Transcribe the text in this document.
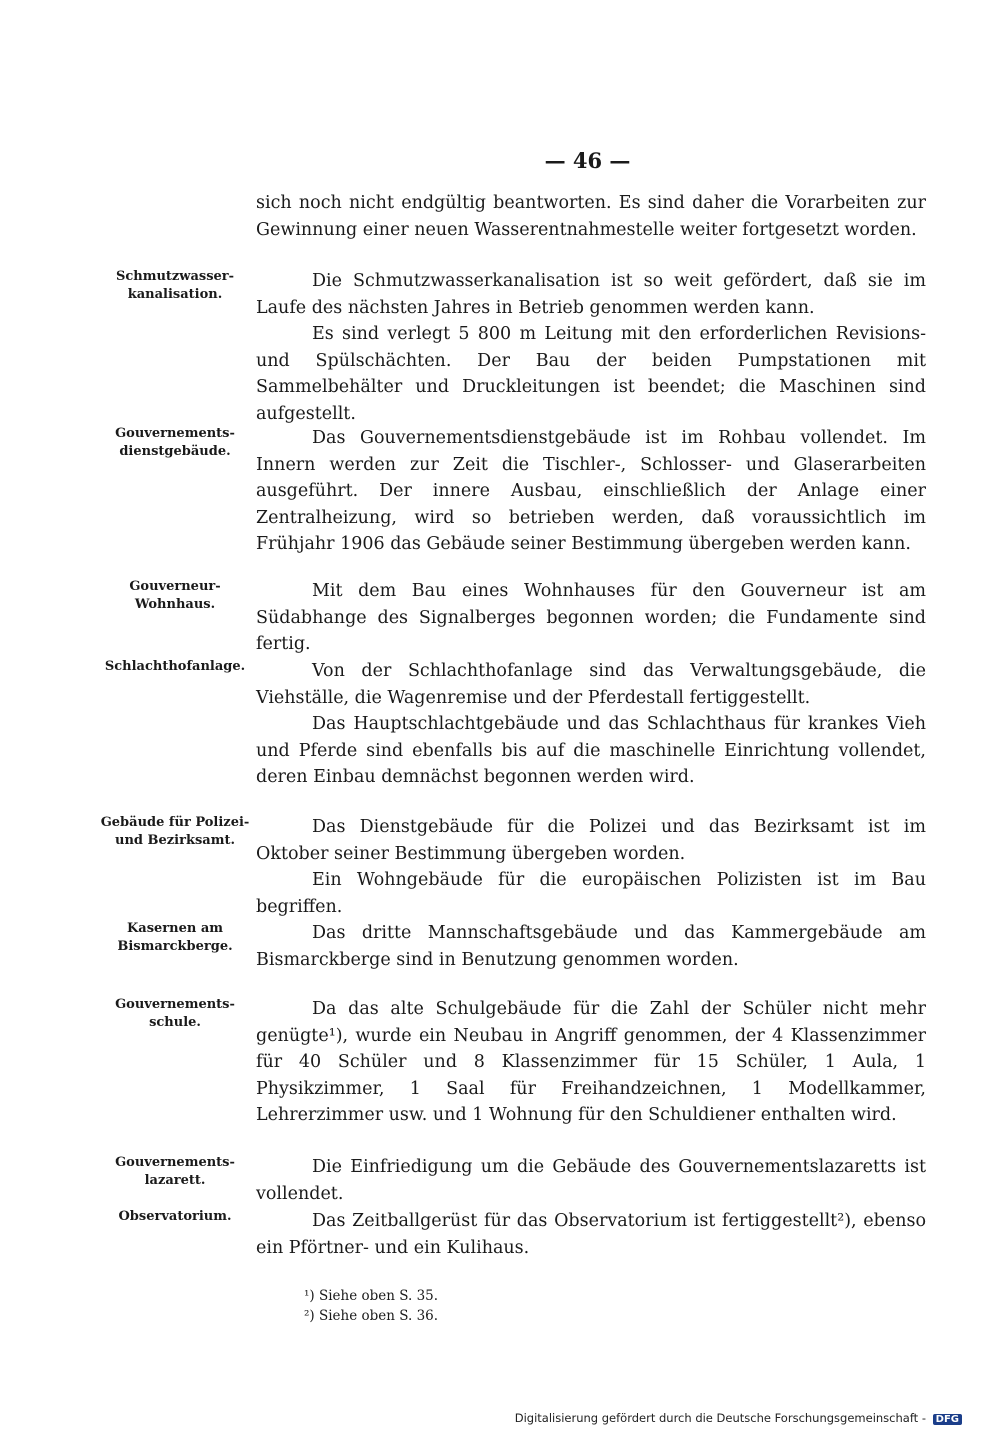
— 46 —

sich noch nicht endgültig beantworten. Es sind daher die Vorarbeiten zur Gewinnung einer neuen Wasserentnahmestelle weiter fortgesetzt worden.

Schmutzwasser-kanalisation.

Die Schmutzwasserkanalisation ist so weit gefördert, daß sie im Laufe des nächsten Jahres in Betrieb genommen werden kann.

Es sind verlegt 5 800 m Leitung mit den erforderlichen Revisions- und Spülschächten. Der Bau der beiden Pumpstationen mit Sammelbehälter und Druckleitungen ist beendet; die Maschinen sind aufgestellt.

Gouvernements-dienstgebäude.

Das Gouvernementsdienstgebäude ist im Rohbau vollendet. Im Innern werden zur Zeit die Tischler-, Schlosser- und Glaserarbeiten ausgeführt. Der innere Ausbau, einschließlich der Anlage einer Zentralheizung, wird so betrieben werden, daß voraussichtlich im Frühjahr 1906 das Gebäude seiner Bestimmung übergeben werden kann.

Gouverneur-Wohnhaus.

Mit dem Bau eines Wohnhauses für den Gouverneur ist am Südabhange des Signalberges begonnen worden; die Fundamente sind fertig.

Schlachthofanlage.	Von der Schlachthofanlage sind das Verwaltungsgebäude, die Viehställe, die Wagenremise und der Pferdestall fertiggestellt.

Das Hauptschlachtgebäude und das Schlachthaus für krankes Vieh und Pferde sind ebenfalls bis auf die maschinelle Einrichtung vollendet, deren Einbau demnächst begonnen werden wird.

Gebäude für Polizei- und Bezirksamt.

Das Dienstgebäude für die Polizei und das Bezirksamt ist im Oktober seiner Bestimmung übergeben worden.

Ein Wohngebäude für die europäischen Polizisten ist im Bau begriffen.

Kasernen am Bismarckberge.

Das dritte Mannschaftsgebäude und das Kammergebäude am Bismarckberge sind in Benutzung genommen worden.

Gouvernements-schule.

Da das alte Schulgebäude für die Zahl der Schüler nicht mehr genügte¹), wurde ein Neubau in Angriff genommen, der 4 Klassenzimmer für 40 Schüler und 8 Klassenzimmer für 15 Schüler, 1 Aula, 1 Physikzimmer, 1 Saal für Freihandzeichnen, 1 Modellkammer, Lehrerzimmer usw. und 1 Wohnung für den Schuldiener enthalten wird.

Gouvernements-lazarett.

Die Einfriedigung um die Gebäude des Gouvernementslazaretts ist vollendet.

Observatorium.	Das Zeitballgerüst für das Observatorium ist fertiggestellt²), ebenso ein Pförtner- und ein Kulihaus.

¹) Siehe oben S. 35.
²) Siehe oben S. 36.
Digitalisierung gefördert durch die Deutsche Forschungsgemeinschaft - DFG
